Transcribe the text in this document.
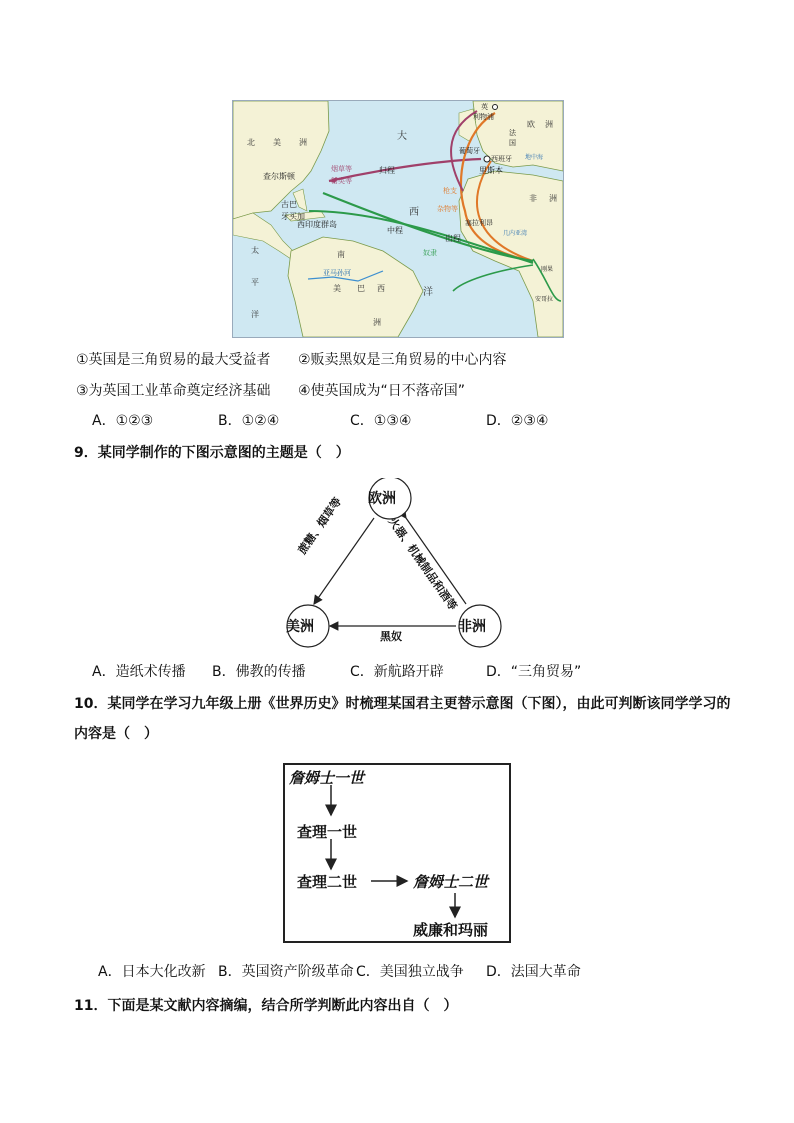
北 美 洲
查尔斯顿
古巴
牙买加
西印度群岛
太
平
洋
南
美 巴 西
洲
亚马孙河
大
西
洋
烟草等
糖类等
归程
中程
奴隶
出程
枪支
杂物等
英
利物浦
法
国
欧 洲
葡萄牙
西班牙
里斯本
地中海
非 洲
塞拉利昂
几内亚湾
刚果
安哥拉
①英国是三角贸易的最大受益者 ②贩卖黑奴是三角贸易的中心内容
③为英国工业革命奠定经济基础 ④使英国成为“日不落帝国”
A．①②③	B．①②④	C．①③④	D．②③④
9．某同学制作的下图示意图的主题是（　）
欧洲
美洲	非洲
蔗糖、烟草等	火器、机械制品和酒等
黑奴
A．造纸术传播 B．佛教的传播	C．新航路开辟	D．“三角贸易”
10．某同学在学习九年级上册《世界历史》时梳理某国君主更替示意图（下图），由此可判断该同学学习的
内容是（　）
詹姆士一世
查理一世
查理二世	詹姆士二世
威廉和玛丽
A．日本大化改新 B．英国资产阶级革命 C．美国独立战争 D．法国大革命
11．下面是某文献内容摘编，结合所学判断此内容出自（　）
